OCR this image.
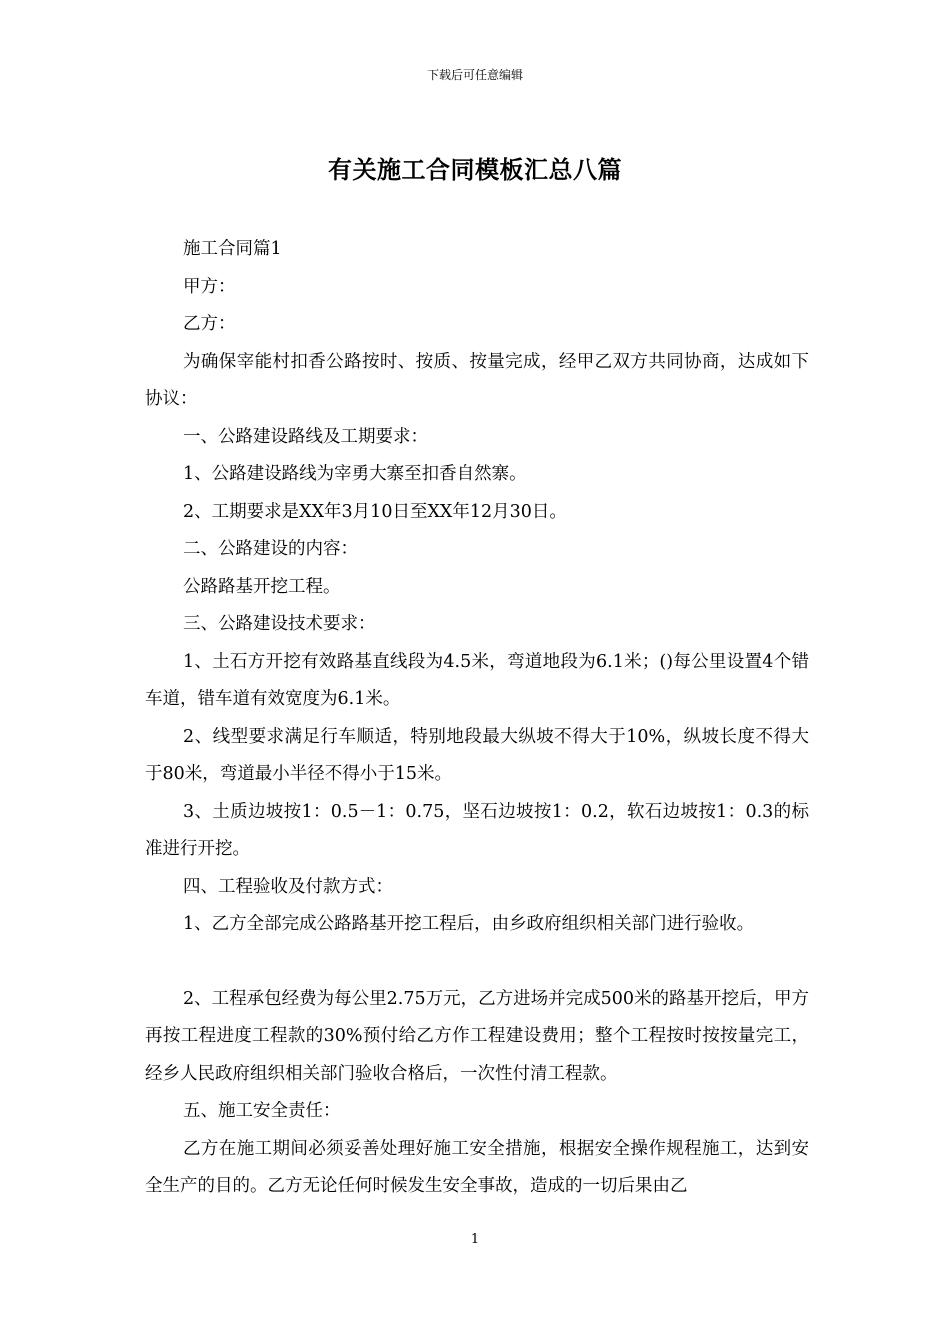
下载后可任意编辑
有关施工合同模板汇总八篇

施工合同篇1

甲方：

乙方：

为确保宰能村扣香公路按时、按质、按量完成，经甲乙双方共同协商，达成如下协议：

一、公路建设路线及工期要求：

1、公路建设路线为宰勇大寨至扣香自然寨。

2、工期要求是XX年3月10日至XX年12月30日。

二、公路建设的内容：

公路路基开挖工程。

三、公路建设技术要求：

1、土石方开挖有效路基直线段为4.5米，弯道地段为6.1米；()每公里设置4个错车道，错车道有效宽度为6.1米。

2、线型要求满足行车顺适，特别地段最大纵坡不得大于10%，纵坡长度不得大于80米，弯道最小半径不得小于15米。

3、土质边坡按1：0.5－1：0.75，坚石边坡按1：0.2，软石边坡按1：0.3的标准进行开挖。

四、工程验收及付款方式：

1、乙方全部完成公路路基开挖工程后，由乡政府组织相关部门进行验收。

2、工程承包经费为每公里2.75万元，乙方进场并完成500米的路基开挖后，甲方再按工程进度工程款的30%预付给乙方作工程建设费用；整个工程按时按按量完工，经乡人民政府组织相关部门验收合格后，一次性付清工程款。

五、施工安全责任：

乙方在施工期间必须妥善处理好施工安全措施，根据安全操作规程施工，达到安全生产的目的。乙方无论任何时候发生安全事故，造成的一切后果由乙

1
